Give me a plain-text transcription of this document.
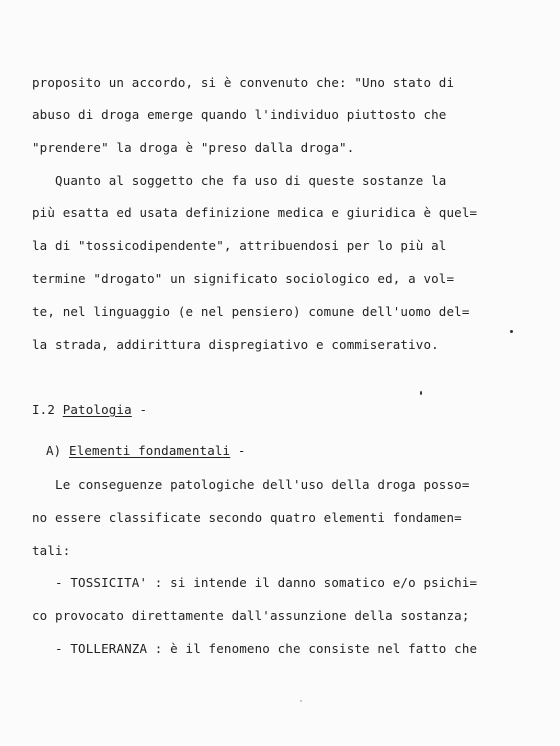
proposito un accordo, si è convenuto che: "Uno stato di
abuso di droga emerge quando l'individuo piuttosto che
"prendere" la droga è "preso dalla droga".
Quanto al soggetto che fa uso di queste sostanze la
più esatta ed usata definizione medica e giuridica è quel=
la di "tossicodipendente", attribuendosi per lo più al
termine "drogato" un significato sociologico ed, a vol=
te, nel linguaggio (e nel pensiero) comune dell'uomo del=
la strada, addirittura dispregiativo e commiserativo.
I.2 Patologia -
A) Elementi fondamentali -
Le conseguenze patologiche dell'uso della droga posso=
no essere classificate secondo quatro elementi fondamen=
tali:
- TOSSICITA' : si intende il danno somatico e/o psichi=
co provocato direttamente dall'assunzione della sostanza;
- TOLLERANZA : è il fenomeno che consiste nel fatto che
